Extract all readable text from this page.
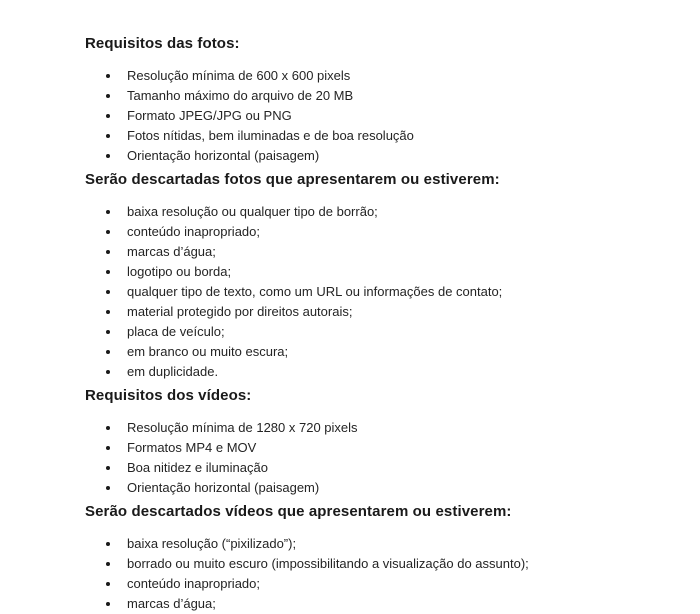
Requisitos das fotos:
Resolução mínima de 600 x 600 pixels
Tamanho máximo do arquivo de 20 MB
Formato JPEG/JPG ou PNG
Fotos nítidas, bem iluminadas e de boa resolução
Orientação horizontal (paisagem)
Serão descartadas fotos que apresentarem ou estiverem:
baixa resolução ou qualquer tipo de borrão;
conteúdo inapropriado;
marcas d’água;
logotipo ou borda;
qualquer tipo de texto, como um URL ou informações de contato;
material protegido por direitos autorais;
placa de veículo;
em branco ou muito escura;
em duplicidade.
Requisitos dos vídeos:
Resolução mínima de 1280 x 720 pixels
Formatos MP4 e MOV
Boa nitidez e iluminação
Orientação horizontal (paisagem)
Serão descartados vídeos que apresentarem ou estiverem:
baixa resolução (“pixilizado”);
borrado ou muito escuro (impossibilitando a visualização do assunto);
conteúdo inapropriado;
marcas d’água;
